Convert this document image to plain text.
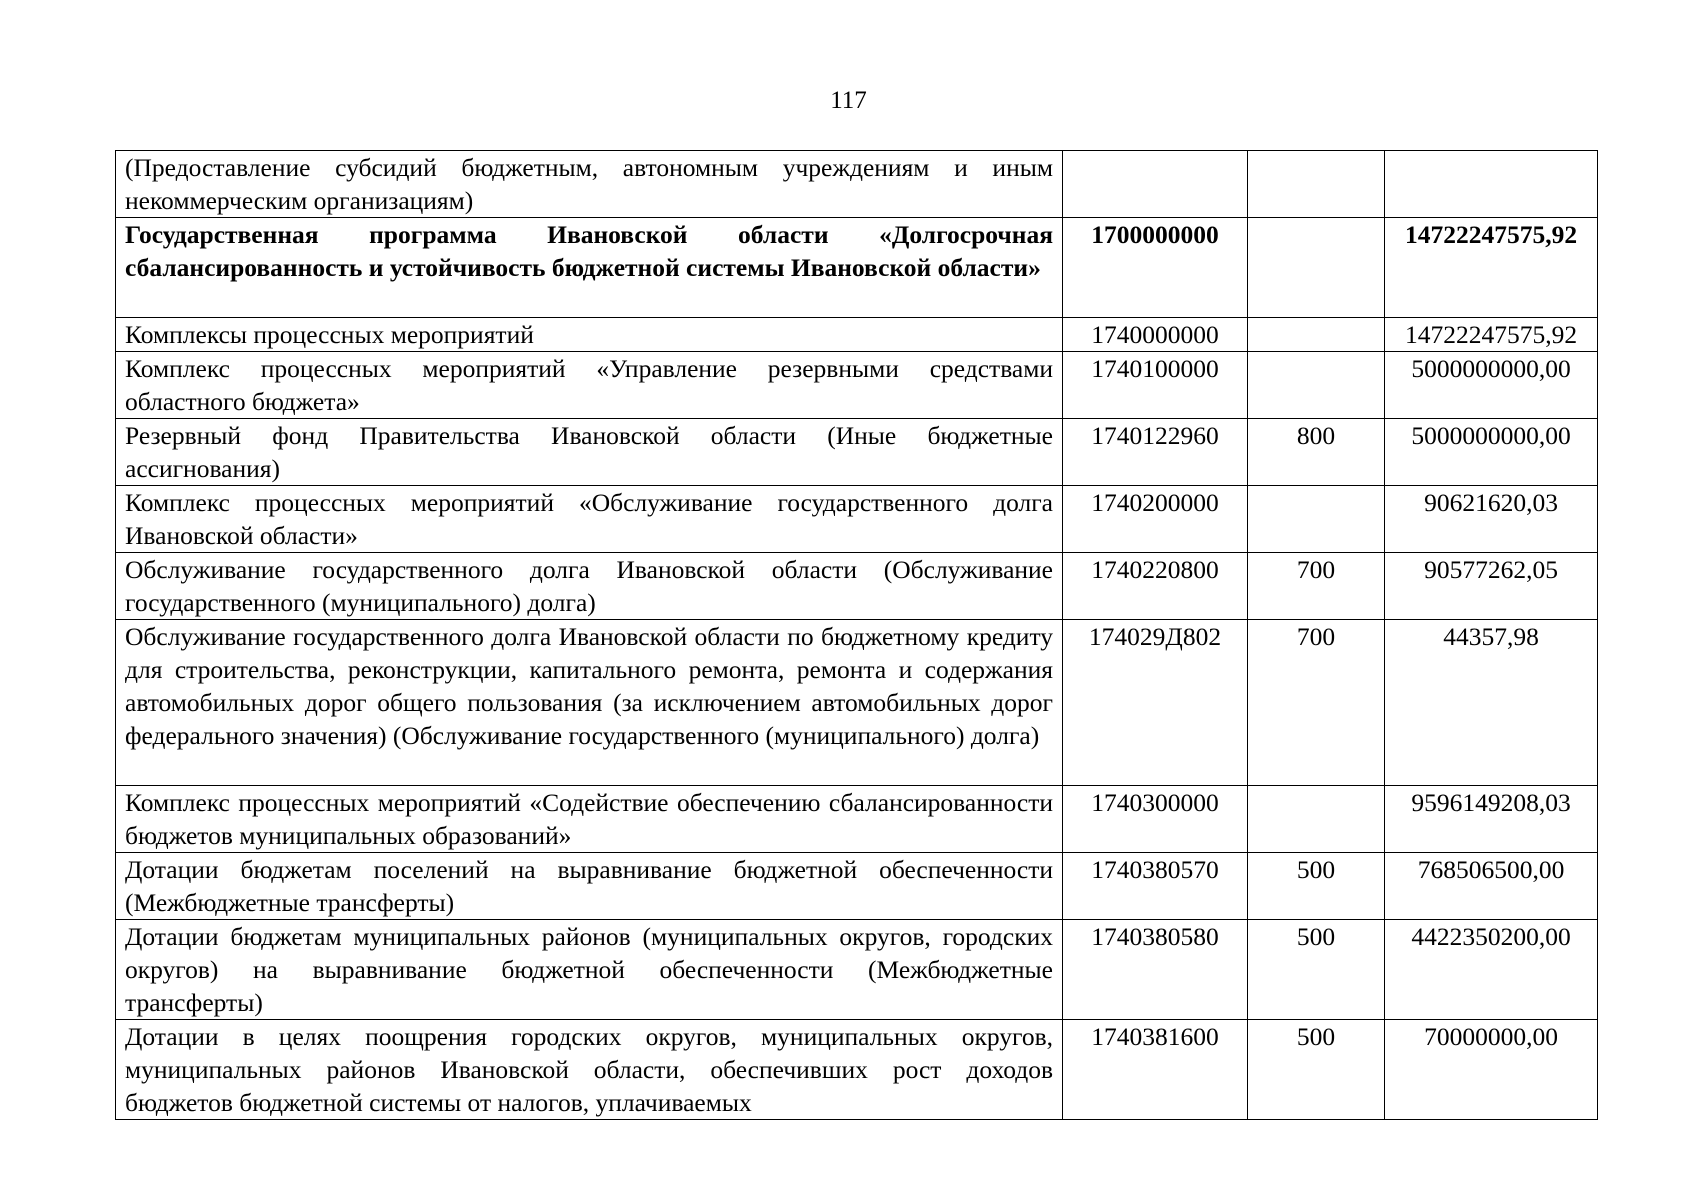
117
(Предоставление субсидий бюджетным, автономным учреждениям и иным некоммерческим организациям)			
Государственная программа Ивановской области «Долгосрочная сбалансированность и устойчивость бюджетной системы Ивановской области»	1700000000		14722247575,92
Комплексы процессных мероприятий	1740000000		14722247575,92
Комплекс процессных мероприятий «Управление резервными средствами областного бюджета»	1740100000		5000000000,00
Резервный фонд Правительства Ивановской области (Иные бюджетные ассигнования)	1740122960	800	5000000000,00
Комплекс процессных мероприятий «Обслуживание государственного долга Ивановской области»	1740200000		90621620,03
Обслуживание государственного долга Ивановской области (Обслуживание государственного (муниципального) долга)	1740220800	700	90577262,05
Обслуживание государственного долга Ивановской области по бюджетному кредиту для строительства, реконструкции, капитального ремонта, ремонта и содержания автомобильных дорог общего пользования (за исключением автомобильных дорог федерального значения) (Обслуживание государственного (муниципального) долга)	174029Д802	700	44357,98
Комплекс процессных мероприятий «Содействие обеспечению сбалансированности бюджетов муниципальных образований»	1740300000		9596149208,03
Дотации бюджетам поселений на выравнивание бюджетной обеспеченности (Межбюджетные трансферты)	1740380570	500	768506500,00
Дотации бюджетам муниципальных районов (муниципальных округов, городских округов) на выравнивание бюджетной обеспеченности (Межбюджетные трансферты)	1740380580	500	4422350200,00
Дотации в целях поощрения городских округов, муниципальных округов, муниципальных районов Ивановской области, обеспечивших рост доходов бюджетов бюджетной системы от налогов, уплачиваемых	1740381600	500	70000000,00
